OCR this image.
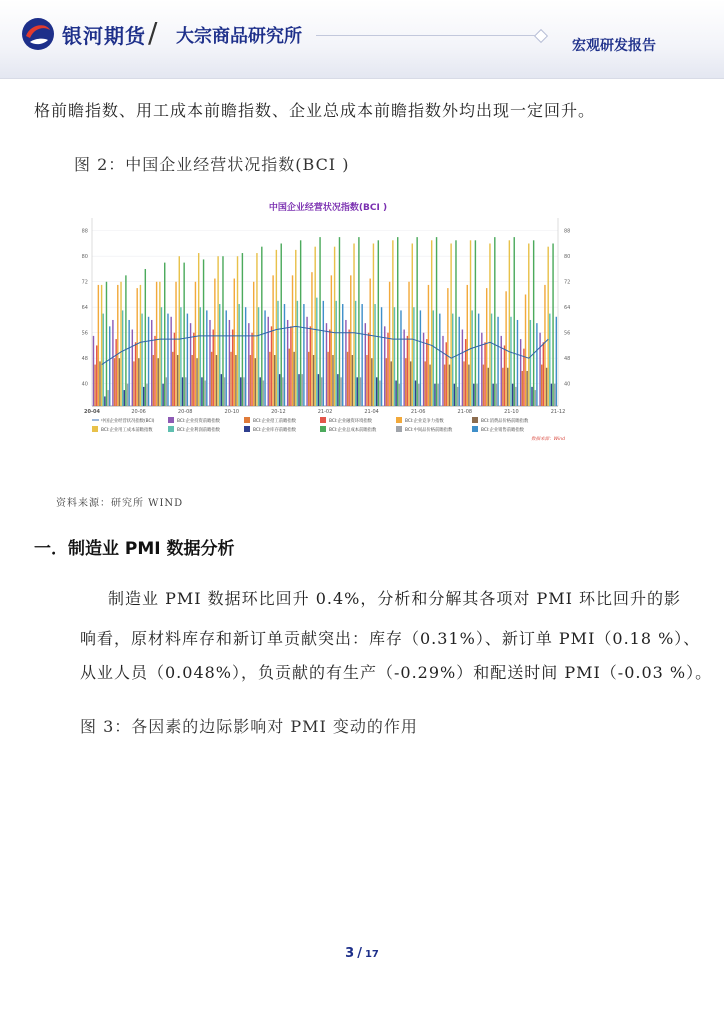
银河期货 / 大宗商品研究所	宏观研发报告
格前瞻指数、用工成本前瞻指数、企业总成本前瞻指数外均出现一定回升。
图 2：中国企业经营状况指数(BCI )
中国企业经营状况指数(BCI )
40	40
48	48
56	56
64	64
72	72
80	80
88	88
20-04	20-06	20-08	20-10	20-12	21-02	21-04	21-06	21-08	21-10	21-12
中国企业经营状况指数(BCI)	BCI:企业投资前瞻指数	BCI:企业招工前瞻指数	BCI:企业融资环境指数	BCI:企业竞争力指数	BCI:消费品价格前瞻指数
BCI:企业用工成本前瞻指数	BCI:企业利润前瞻指数	BCI:企业库存前瞻指数	BCI:企业总成本前瞻指数	BCI:中间品价格前瞻指数	BCI:企业销售前瞻指数
数据来源：Wind
资料来源：研究所 WIND
一．制造业 PMI 数据分析
制造业 PMI 数据环比回升 0.4%，分析和分解其各项对 PMI 环比回升的影
响看，原材料库存和新订单贡献突出：库存（0.31%）、新订单 PMI（0.18 %）、
从业人员（0.048%），负贡献的有生产（-0.29%）和配送时间 PMI（-0.03 %）。
图 3：各因素的边际影响对 PMI 变动的作用
3 / 17
